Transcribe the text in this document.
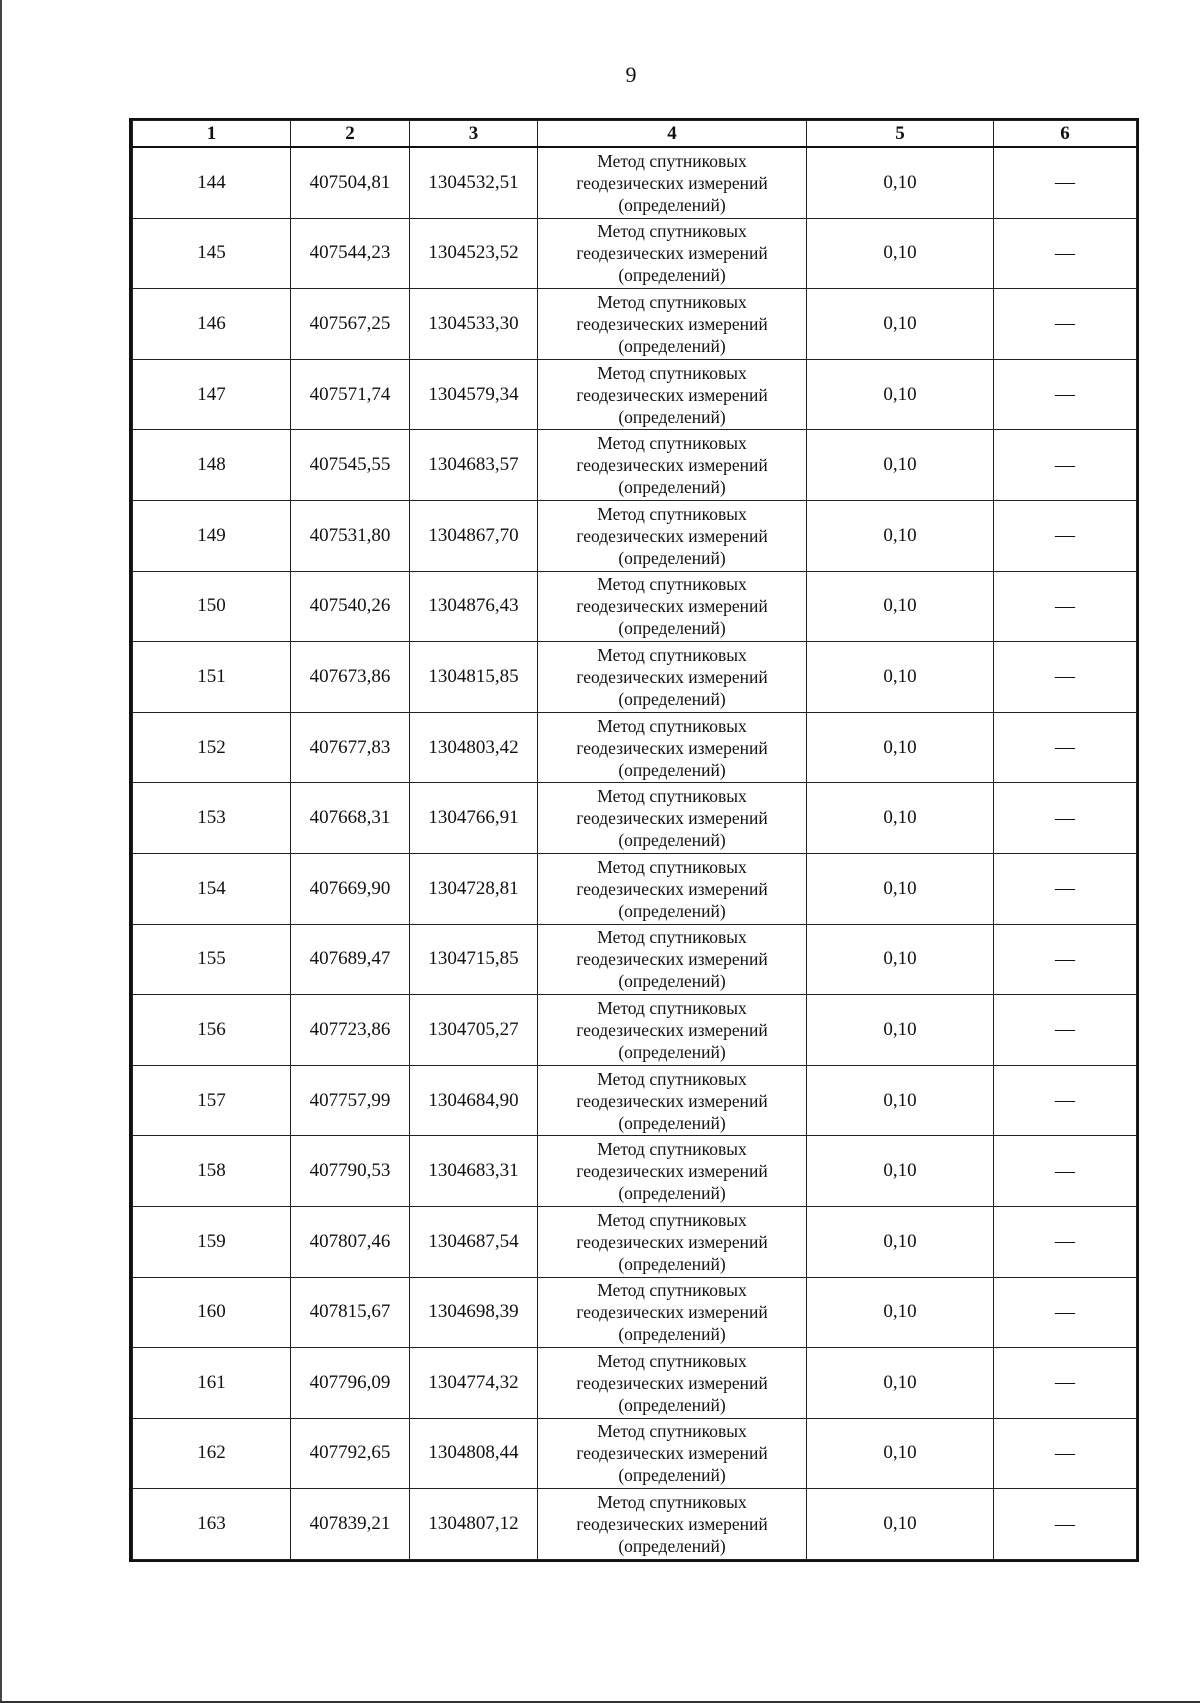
9
1	2	3	4	5	6
144	407504,81	1304532,51	Метод спутниковых
геодезических измерений
(определений)	0,10	—
145	407544,23	1304523,52	Метод спутниковых
геодезических измерений
(определений)	0,10	—
146	407567,25	1304533,30	Метод спутниковых
геодезических измерений
(определений)	0,10	—
147	407571,74	1304579,34	Метод спутниковых
геодезических измерений
(определений)	0,10	—
148	407545,55	1304683,57	Метод спутниковых
геодезических измерений
(определений)	0,10	—
149	407531,80	1304867,70	Метод спутниковых
геодезических измерений
(определений)	0,10	—
150	407540,26	1304876,43	Метод спутниковых
геодезических измерений
(определений)	0,10	—
151	407673,86	1304815,85	Метод спутниковых
геодезических измерений
(определений)	0,10	—
152	407677,83	1304803,42	Метод спутниковых
геодезических измерений
(определений)	0,10	—
153	407668,31	1304766,91	Метод спутниковых
геодезических измерений
(определений)	0,10	—
154	407669,90	1304728,81	Метод спутниковых
геодезических измерений
(определений)	0,10	—
155	407689,47	1304715,85	Метод спутниковых
геодезических измерений
(определений)	0,10	—
156	407723,86	1304705,27	Метод спутниковых
геодезических измерений
(определений)	0,10	—
157	407757,99	1304684,90	Метод спутниковых
геодезических измерений
(определений)	0,10	—
158	407790,53	1304683,31	Метод спутниковых
геодезических измерений
(определений)	0,10	—
159	407807,46	1304687,54	Метод спутниковых
геодезических измерений
(определений)	0,10	—
160	407815,67	1304698,39	Метод спутниковых
геодезических измерений
(определений)	0,10	—
161	407796,09	1304774,32	Метод спутниковых
геодезических измерений
(определений)	0,10	—
162	407792,65	1304808,44	Метод спутниковых
геодезических измерений
(определений)	0,10	—
163	407839,21	1304807,12	Метод спутниковых
геодезических измерений
(определений)	0,10	—
